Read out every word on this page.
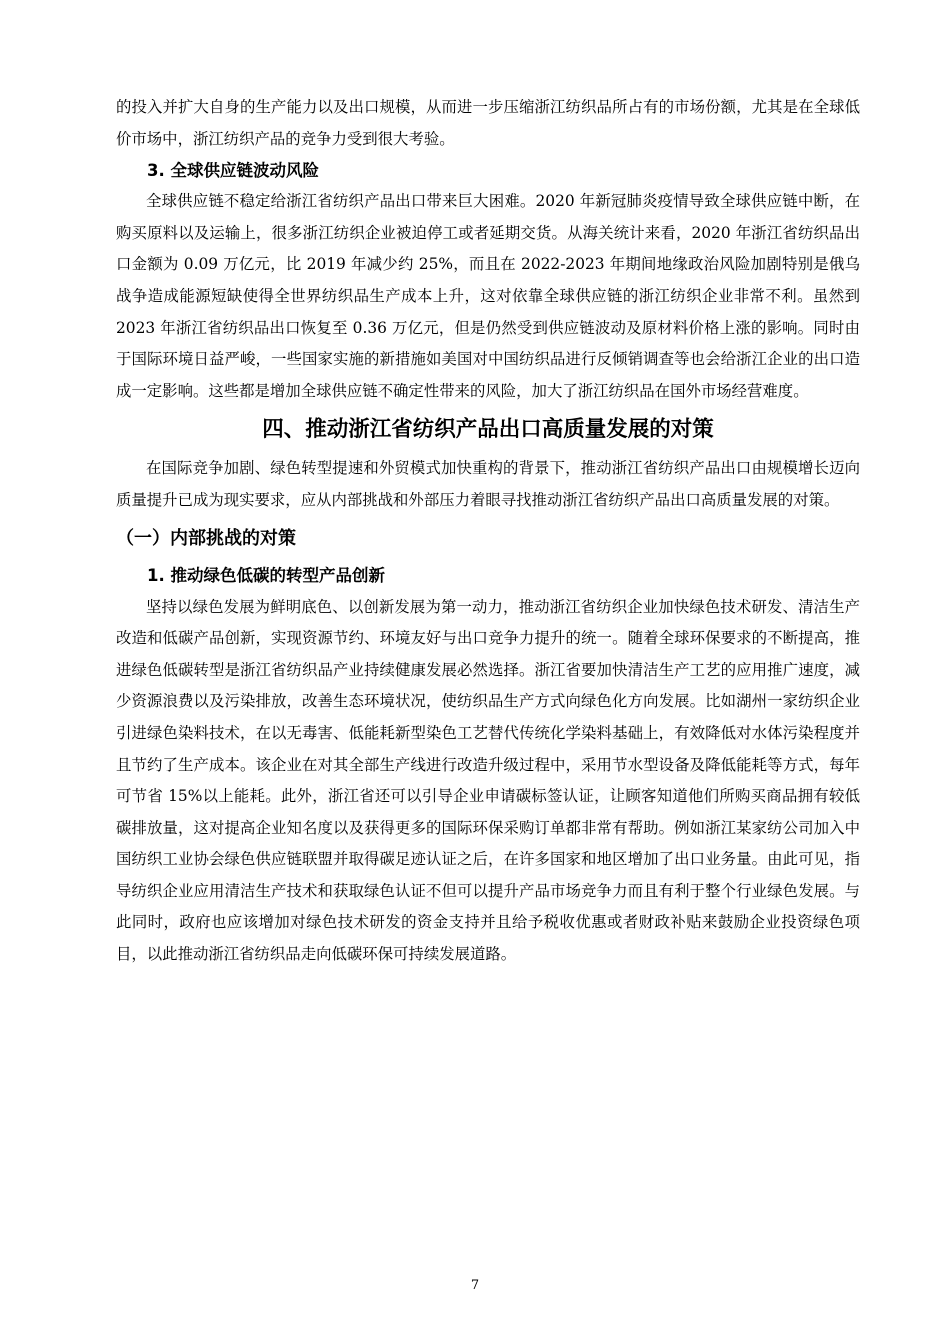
的投入并扩大自身的生产能力以及出口规模，从而进一步压缩浙江纺织品所占有的市场份额，尤其是在全球低价市场中，浙江纺织产品的竞争力受到很大考验。

3. 全球供应链波动风险

全球供应链不稳定给浙江省纺织产品出口带来巨大困难。2020 年新冠肺炎疫情导致全球供应链中断，在购买原料以及运输上，很多浙江纺织企业被迫停工或者延期交货。从海关统计来看，2020 年浙江省纺织品出口金额为 0.09 万亿元，比 2019 年减少约 25%，而且在 2022-2023 年期间地缘政治风险加剧特别是俄乌战争造成能源短缺使得全世界纺织品生产成本上升，这对依靠全球供应链的浙江纺织企业非常不利。虽然到 2023 年浙江省纺织品出口恢复至 0.36 万亿元，但是仍然受到供应链波动及原材料价格上涨的影响。同时由于国际环境日益严峻，一些国家实施的新措施如美国对中国纺织品进行反倾销调查等也会给浙江企业的出口造成一定影响。这些都是增加全球供应链不确定性带来的风险，加大了浙江纺织品在国外市场经营难度。

四、推动浙江省纺织产品出口高质量发展的对策

在国际竞争加剧、绿色转型提速和外贸模式加快重构的背景下，推动浙江省纺织产品出口由规模增长迈向质量提升已成为现实要求，应从内部挑战和外部压力着眼寻找推动浙江省纺织产品出口高质量发展的对策。

（一）内部挑战的对策
1. 推动绿色低碳的转型产品创新

坚持以绿色发展为鲜明底色、以创新发展为第一动力，推动浙江省纺织企业加快绿色技术研发、清洁生产改造和低碳产品创新，实现资源节约、环境友好与出口竞争力提升的统一。随着全球环保要求的不断提高，推进绿色低碳转型是浙江省纺织品产业持续健康发展必然选择。浙江省要加快清洁生产工艺的应用推广速度，减少资源浪费以及污染排放，改善生态环境状况，使纺织品生产方式向绿色化方向发展。比如湖州一家纺织企业引进绿色染料技术，在以无毒害、低能耗新型染色工艺替代传统化学染料基础上，有效降低对水体污染程度并且节约了生产成本。该企业在对其全部生产线进行改造升级过程中，采用节水型设备及降低能耗等方式，每年可节省 15%以上能耗。此外，浙江省还可以引导企业申请碳标签认证，让顾客知道他们所购买商品拥有较低碳排放量，这对提高企业知名度以及获得更多的国际环保采购订单都非常有帮助。例如浙江某家纺公司加入中国纺织工业协会绿色供应链联盟并取得碳足迹认证之后，在许多国家和地区增加了出口业务量。由此可见，指导纺织企业应用清洁生产技术和获取绿色认证不但可以提升产品市场竞争力而且有利于整个行业绿色发展。与此同时，政府也应该增加对绿色技术研发的资金支持并且给予税收优惠或者财政补贴来鼓励企业投资绿色项目，以此推动浙江省纺织品走向低碳环保可持续发展道路。

7
